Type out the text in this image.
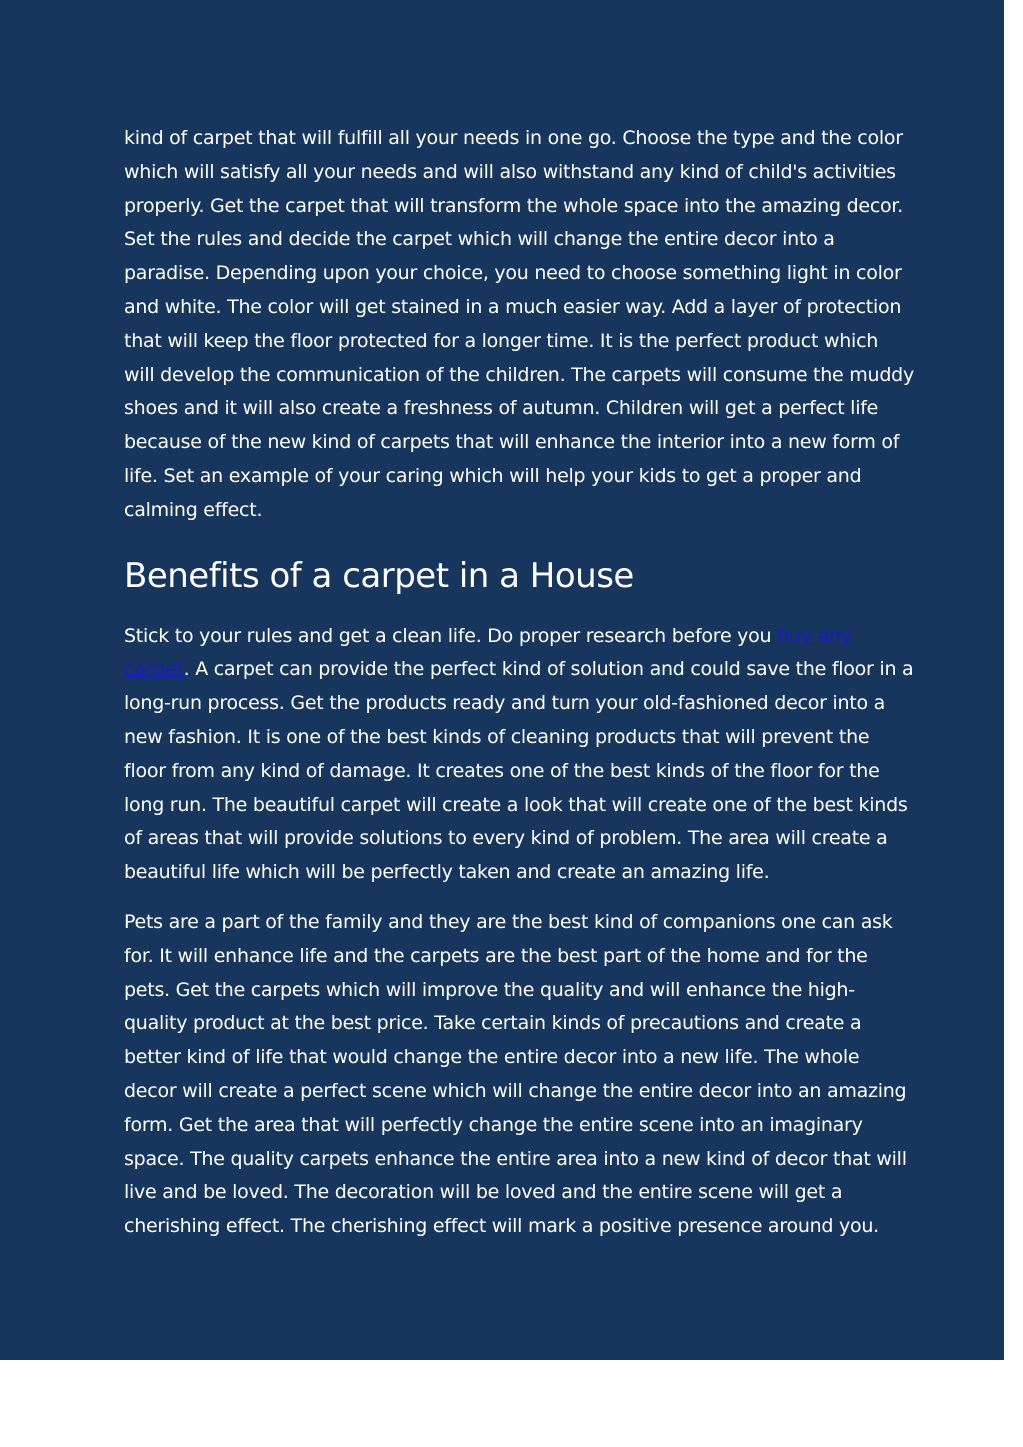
kind of carpet that will fulfill all your needs in one go. Choose the type and the color which will satisfy all your needs and will also withstand any kind of child's activities properly. Get the carpet that will transform the whole space into the amazing decor. Set the rules and decide the carpet which will change the entire decor into a paradise. Depending upon your choice, you need to choose something light in color and white. The color will get stained in a much easier way. Add a layer of protection that will keep the floor protected for a longer time. It is the perfect product which will develop the communication of the children. The carpets will consume the muddy shoes and it will also create a freshness of autumn. Children will get a perfect life because of the new kind of carpets that will enhance the interior into a new form of life. Set an example of your caring which will help your kids to get a proper and calming effect.

Benefits of a carpet in a House

Stick to your rules and get a clean life. Do proper research before you buy any carpet. A carpet can provide the perfect kind of solution and could save the floor in a long-run process. Get the products ready and turn your old-fashioned decor into a new fashion. It is one of the best kinds of cleaning products that will prevent the floor from any kind of damage. It creates one of the best kinds of the floor for the long run. The beautiful carpet will create a look that will create one of the best kinds of areas that will provide solutions to every kind of problem. The area will create a beautiful life which will be perfectly taken and create an amazing life.

Pets are a part of the family and they are the best kind of companions one can ask for. It will enhance life and the carpets are the best part of the home and for the pets. Get the carpets which will improve the quality and will enhance the high-quality product at the best price. Take certain kinds of precautions and create a better kind of life that would change the entire decor into a new life. The whole decor will create a perfect scene which will change the entire decor into an amazing form. Get the area that will perfectly change the entire scene into an imaginary space. The quality carpets enhance the entire area into a new kind of decor that will live and be loved. The decoration will be loved and the entire scene will get a cherishing effect. The cherishing effect will mark a positive presence around you.
